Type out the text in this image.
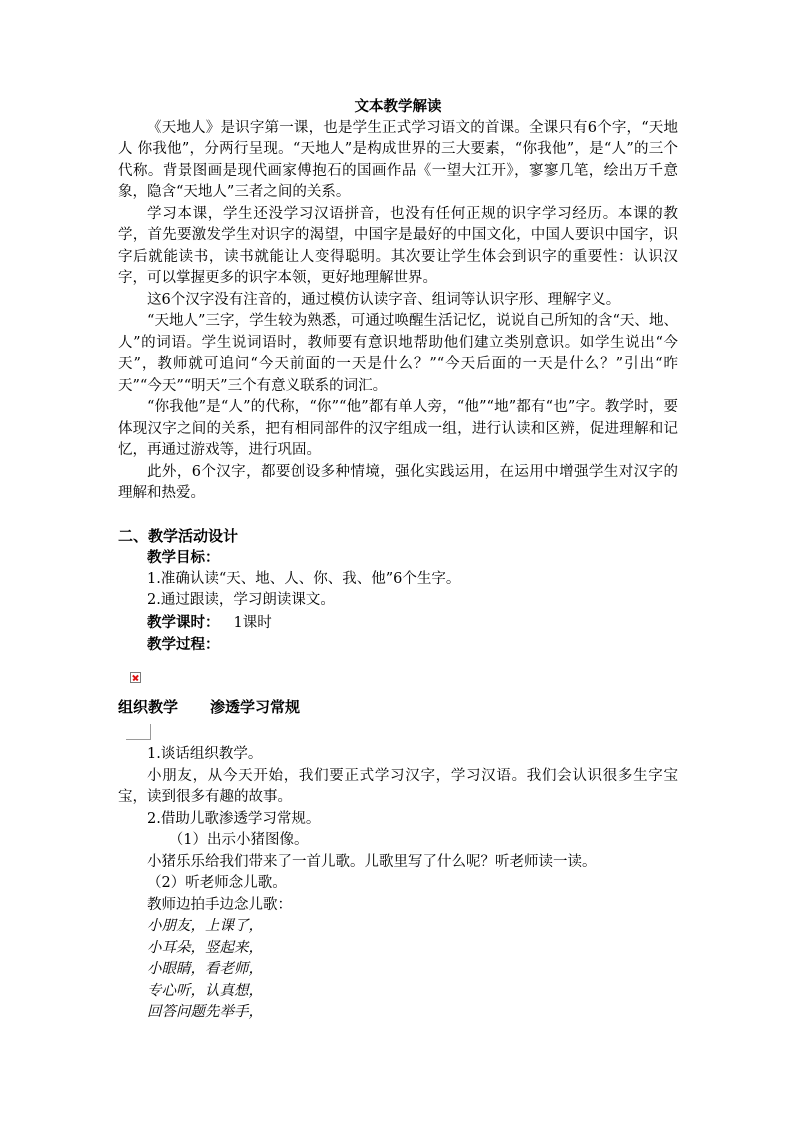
文本教学解读

《天地人》是识字第一课，也是学生正式学习语文的首课。全课只有6个字，“天地人 你我他”，分两行呈现。“天地人”是构成世界的三大要素，“你我他”，是“人”的三个代称。背景图画是现代画家傅抱石的国画作品《一望大江开》，寥寥几笔，绘出万千意象，隐含“天地人”三者之间的关系。

学习本课，学生还没学习汉语拼音，也没有任何正规的识字学习经历。本课的教学，首先要激发学生对识字的渴望，中国字是最好的中国文化，中国人要识中国字，识字后就能读书，读书就能让人变得聪明。其次要让学生体会到识字的重要性：认识汉字，可以掌握更多的识字本领，更好地理解世界。

这6个汉字没有注音的，通过模仿认读字音、组词等认识字形、理解字义。

“天地人”三字，学生较为熟悉，可通过唤醒生活记忆，说说自己所知的含“天、地、人”的词语。学生说词语时，教师要有意识地帮助他们建立类别意识。如学生说出“今天”，教师就可追问“今天前面的一天是什么？”“今天后面的一天是什么？”引出“昨天”“今天”“明天”三个有意义联系的词汇。

“你我他”是“人”的代称，“你”“他”都有单人旁，“他”“地”都有“也”字。教学时，要体现汉字之间的关系，把有相同部件的汉字组成一组，进行认读和区辨，促进理解和记忆，再通过游戏等，进行巩固。

此外，6个汉字，都要创设多种情境，强化实践运用，在运用中增强学生对汉字的理解和热爱。

二、教学活动设计

教学目标：

1.准确认读“天、地、人、你、我、他”6个生字。

2.通过跟读，学习朗读课文。

教学课时： 1课时

教学过程：

组织教学 渗透学习常规

1.谈话组织教学。

小朋友，从今天开始，我们要正式学习汉字，学习汉语。我们会认识很多生字宝宝，读到很多有趣的故事。

2.借助儿歌渗透学习常规。

（1）出示小猪图像。

小猪乐乐给我们带来了一首儿歌。儿歌里写了什么呢？听老师读一读。

（2）听老师念儿歌。

教师边拍手边念儿歌：

小朋友，上课了，

小耳朵，竖起来，

小眼睛，看老师，

专心听，认真想，

回答问题先举手，
